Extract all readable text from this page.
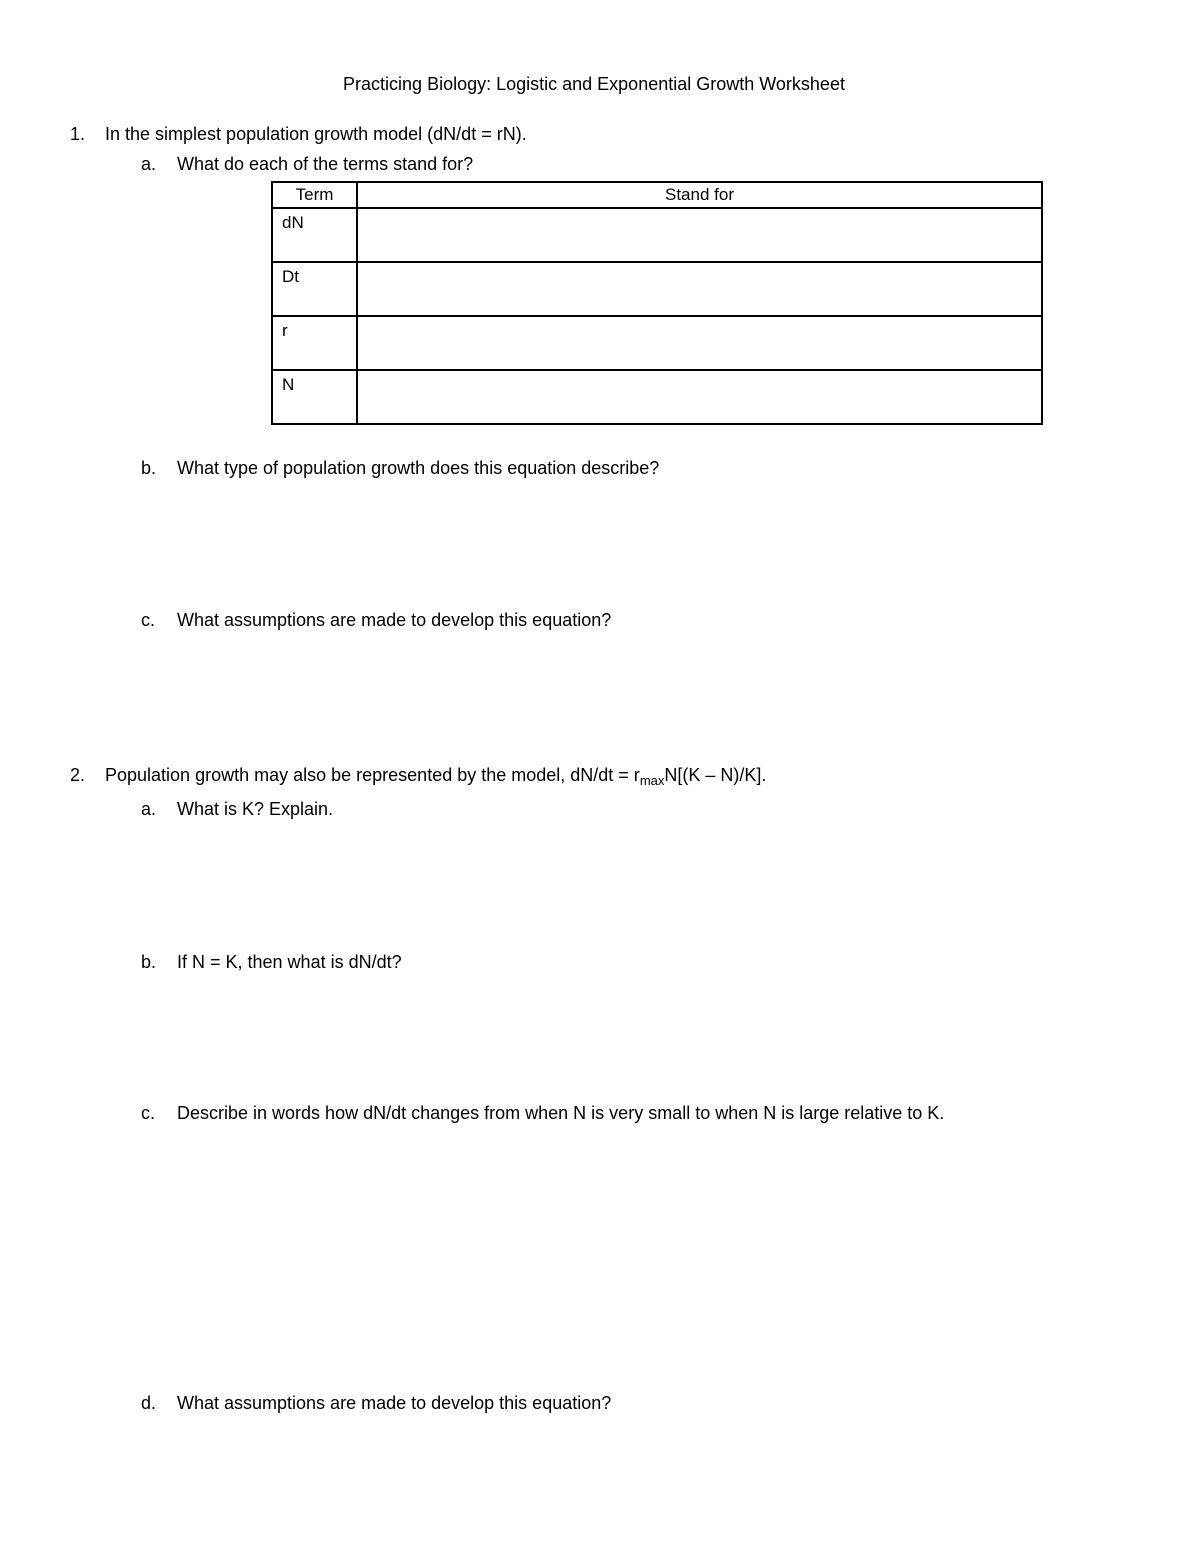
Practicing Biology: Logistic and Exponential Growth Worksheet
1. In the simplest population growth model (dN/dt = rN).
a. What do each of the terms stand for?
Term	Stand for
dN	
Dt	
r	
N	
b. What type of population growth does this equation describe?
c. What assumptions are made to develop this equation?
2. Population growth may also be represented by the model, $dN/dt = r_{max}N[(K - N)/K]$.
a. What is K? Explain.
b. If N = K, then what is dN/dt?
c. Describe in words how dN/dt changes from when N is very small to when N is large relative to K.
d. What assumptions are made to develop this equation?
